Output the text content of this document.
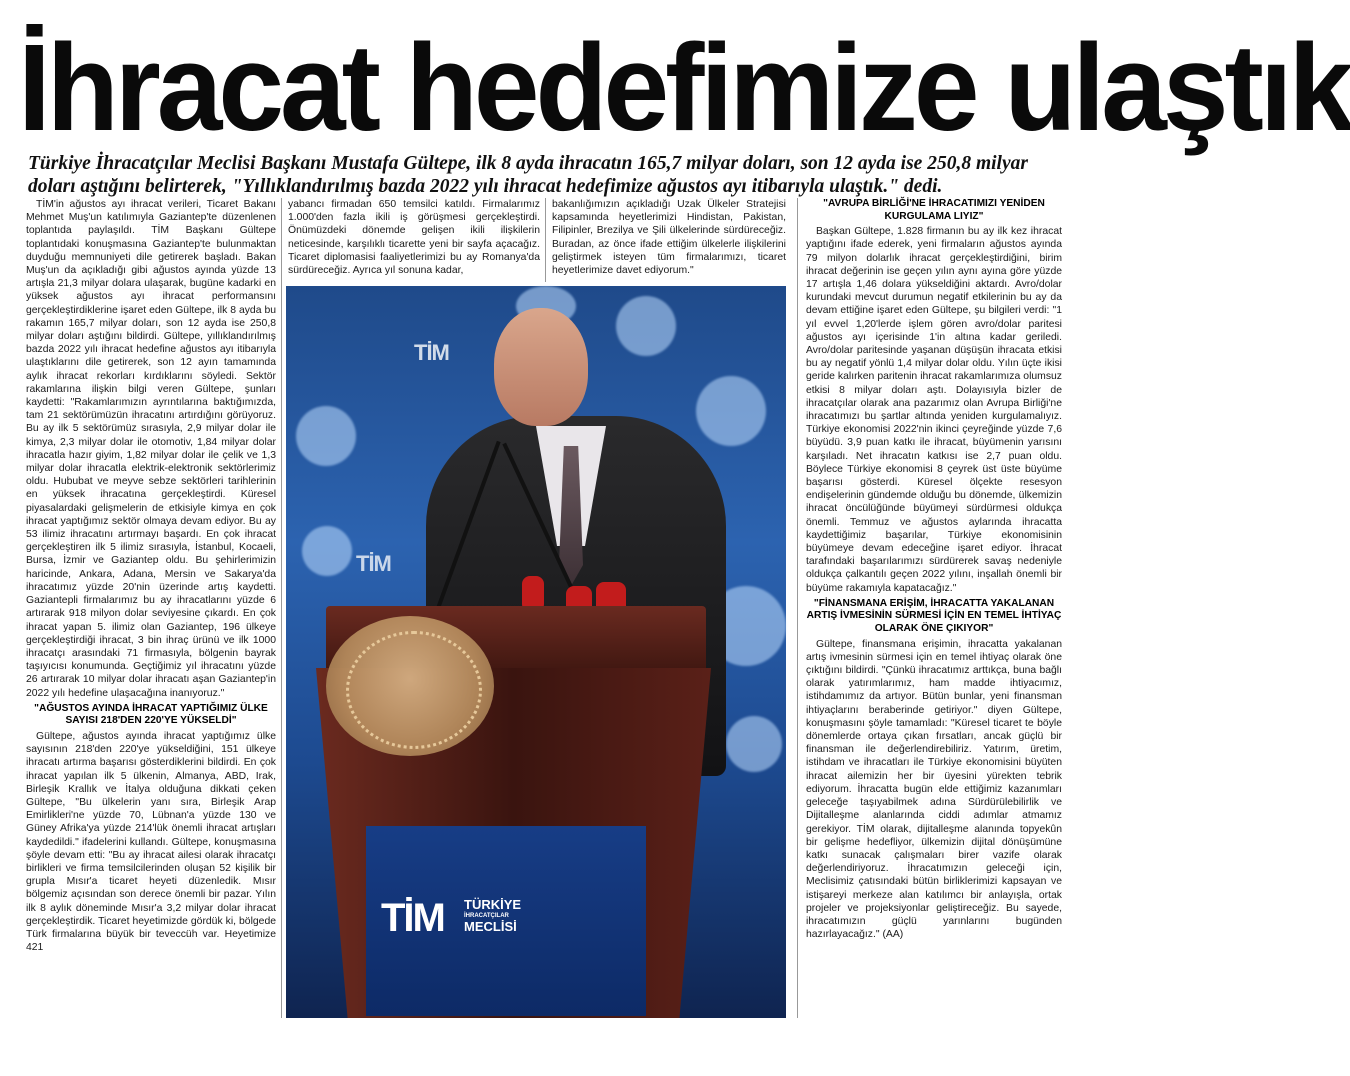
İhracat hedefimize ulaştık
Türkiye İhracatçılar Meclisi Başkanı Mustafa Gültepe, ilk 8 ayda ihracatın 165,7 milyar doları, son 12 ayda ise 250,8 milyar doları aştığını belirterek, "Yıllıklandırılmış bazda 2022 yılı ihracat hedefimize ağustos ayı itibarıyla ulaştık." dedi.

TİM'in ağustos ayı ihracat verileri, Ticaret Bakanı Mehmet Muş'un katılımıyla Gaziantep'te düzenlenen toplantıda paylaşıldı. TİM Başkanı Gültepe toplantıdaki konuşmasına Gaziantep'te bulunmaktan duyduğu memnuniyeti dile getirerek başladı. Bakan Muş'un da açıkladığı gibi ağustos ayında yüzde 13 artışla 21,3 milyar dolara ulaşarak, bugüne kadarki en yüksek ağustos ayı ihracat performansını gerçekleştirdiklerine işaret eden Gültepe, ilk 8 ayda bu rakamın 165,7 milyar doları, son 12 ayda ise 250,8 milyar doları aştığını bildirdi. Gültepe, yıllıklandırılmış bazda 2022 yılı ihracat hedefine ağustos ayı itibarıyla ulaştıklarını dile getirerek, son 12 ayın tamamında aylık ihracat rekorları kırdıklarını söyledi. Sektör rakamlarına ilişkin bilgi veren Gültepe, şunları kaydetti: "Rakamlarımızın ayrıntılarına baktığımızda, tam 21 sektörümüzün ihracatını artırdığını görüyoruz. Bu ay ilk 5 sektörümüz sırasıyla, 2,9 milyar dolar ile kimya, 2,3 milyar dolar ile otomotiv, 1,84 milyar dolar ihracatla hazır giyim, 1,82 milyar dolar ile çelik ve 1,3 milyar dolar ihracatla elektrik-elektronik sektörlerimiz oldu. Hububat ve meyve sebze sektörleri tarihlerinin en yüksek ihracatına gerçekleştirdi. Küresel piyasalardaki gelişmelerin de etkisiyle kimya en çok ihracat yaptığımız sektör olmaya devam ediyor. Bu ay 53 ilimiz ihracatını artırmayı başardı. En çok ihracat gerçekleştiren ilk 5 ilimiz sırasıyla, İstanbul, Kocaeli, Bursa, İzmir ve Gaziantep oldu. Bu şehirlerimizin haricinde, Ankara, Adana, Mersin ve Sakarya'da ihracatımız yüzde 20'nin üzerinde artış kaydetti. Gaziantepli firmalarımız bu ay ihracatlarını yüzde 6 artırarak 918 milyon dolar seviyesine çıkardı. En çok ihracat yapan 5. ilimiz olan Gaziantep, 196 ülkeye gerçekleştirdiği ihracat, 3 bin ihraç ürünü ve ilk 1000 ihracatçı arasındaki 71 firmasıyla, bölgenin bayrak taşıyıcısı konumunda. Geçtiğimiz yıl ihracatını yüzde 26 artırarak 10 milyar dolar ihracatı aşan Gaziantep'in 2022 yılı hedefine ulaşacağına inanıyoruz."

"AĞUSTOS AYINDA İHRACAT YAPTIĞIMIZ ÜLKE SAYISI 218'DEN 220'YE YÜKSELDİ"

Gültepe, ağustos ayında ihracat yaptığımız ülke sayısının 218'den 220'ye yükseldiğini, 151 ülkeye ihracatı artırma başarısı gösterdiklerini bildirdi. En çok ihracat yapılan ilk 5 ülkenin, Almanya, ABD, Irak, Birleşik Krallık ve İtalya olduğuna dikkati çeken Gültepe, "Bu ülkelerin yanı sıra, Birleşik Arap Emirlikleri'ne yüzde 70, Lübnan'a yüzde 130 ve Güney Afrika'ya yüzde 214'lük önemli ihracat artışları kaydedildi." ifadelerini kullandı. Gültepe, konuşmasına şöyle devam etti: "Bu ay ihracat ailesi olarak ihracatçı birlikleri ve firma temsilcilerinden oluşan 52 kişilik bir grupla Mısır'a ticaret heyeti düzenledik. Mısır bölgemiz açısından son derece önemli bir pazar. Yılın ilk 8 aylık döneminde Mısır'a 3,2 milyar dolar ihracat gerçekleştirdik. Ticaret heyetimizde gördük ki, bölgede Türk firmalarına büyük bir teveccüh var. Heyetimize 421

yabancı firmadan 650 temsilci katıldı. Firmalarımız 1.000'den fazla ikili iş görüşmesi gerçekleştirdi. Önümüzdeki dönemde gelişen ikili ilişkilerin neticesinde, karşılıklı ticarette yeni bir sayfa açacağız. Ticaret diplomasisi faaliyetlerimizi bu ay Romanya'da sürdüreceğiz. Ayrıca yıl sonuna kadar,

bakanlığımızın açıkladığı Uzak Ülkeler Stratejisi kapsamında heyetlerimizi Hindistan, Pakistan, Filipinler, Brezilya ve Şili ülkelerinde sürdüreceğiz. Buradan, az önce ifade ettiğim ülkelerle ilişkilerini geliştirmek isteyen tüm firmalarımızı, ticaret heyetlerimize davet ediyorum."

"AVRUPA BİRLİĞİ'NE İHRACATIMIZI YENİDEN KURGULAMA LIYIZ"

Başkan Gültepe, 1.828 firmanın bu ay ilk kez ihracat yaptığını ifade ederek, yeni firmaların ağustos ayında 79 milyon dolarlık ihracat gerçekleştirdiğini, birim ihracat değerinin ise geçen yılın aynı ayına göre yüzde 17 artışla 1,46 dolara yükseldiğini aktardı. Avro/dolar kurundaki mevcut durumun negatif etkilerinin bu ay da devam ettiğine işaret eden Gültepe, şu bilgileri verdi: "1 yıl evvel 1,20'lerde işlem gören avro/dolar paritesi ağustos ayı içerisinde 1'in altına kadar geriledi. Avro/dolar paritesinde yaşanan düşüşün ihracata etkisi bu ay negatif yönlü 1,4 milyar dolar oldu. Yılın üçte ikisi geride kalırken paritenin ihracat rakamlarımıza olumsuz etkisi 8 milyar doları aştı. Dolayısıyla bizler de ihracatçılar olarak ana pazarımız olan Avrupa Birliği'ne ihracatımızı bu şartlar altında yeniden kurgulamalıyız. Türkiye ekonomisi 2022'nin ikinci çeyreğinde yüzde 7,6 büyüdü. 3,9 puan katkı ile ihracat, büyümenin yarısını karşıladı. Net ihracatın katkısı ise 2,7 puan oldu. Böylece Türkiye ekonomisi 8 çeyrek üst üste büyüme başarısı gösterdi. Küresel ölçekte resesyon endişelerinin gündemde olduğu bu dönemde, ülkemizin ihracat öncülüğünde büyümeyi sürdürmesi oldukça önemli. Temmuz ve ağustos aylarında ihracatta kaydettiğimiz başarılar, Türkiye ekonomisinin büyümeye devam edeceğine işaret ediyor. İhracat tarafındaki başarılarımızı sürdürerek savaş nedeniyle oldukça çalkantılı geçen 2022 yılını, inşallah önemli bir büyüme rakamıyla kapatacağız."

"FİNANSMANA ERİŞİM, İHRACATTA YAKALANAN ARTIŞ İVMESİNİN SÜRMESİ İÇİN EN TEMEL İHTİYAÇ OLARAK ÖNE ÇIKIYOR"

Gültepe, finansmana erişimin, ihracatta yakalanan artış ivmesinin sürmesi için en temel ihtiyaç olarak öne çıktığını bildirdi. "Çünkü ihracatımız arttıkça, buna bağlı olarak yatırımlarımız, ham madde ihtiyacımız, istihdamımız da artıyor. Bütün bunlar, yeni finansman ihtiyaçlarını beraberinde getiriyor." diyen Gültepe, konuşmasını şöyle tamamladı: "Küresel ticaret te böyle dönemlerde ortaya çıkan fırsatları, ancak güçlü bir finansman ile değerlendirebiliriz. Yatırım, üretim, istihdam ve ihracatları ile Türkiye ekonomisini büyüten ihracat ailemizin her bir üyesini yürekten tebrik ediyorum. İhracatta bugün elde ettiğimiz kazanımları geleceğe taşıyabilmek adına Sürdürülebilirlik ve Dijitalleşme alanlarında ciddi adımlar atmamız gerekiyor. TİM olarak, dijitalleşme alanında topyekûn bir gelişme hedefliyor, ülkemizin dijital dönüşümüne katkı sunacak çalışmaları birer vazife olarak değerlendiriyoruz. İhracatımızın geleceği için, Meclisimiz çatısındaki bütün birliklerimizi kapsayan ve istişareyi merkeze alan katılımcı bir anlayışla, ortak projeler ve projeksiyonlar geliştireceğiz. Bu sayede, ihracatımızın güçlü yarınlarını bugünden hazırlayacağız." (AA)

TİM
TİM
TİM	TÜRKİYE
İHRACATÇILAR
MECLİSİ
